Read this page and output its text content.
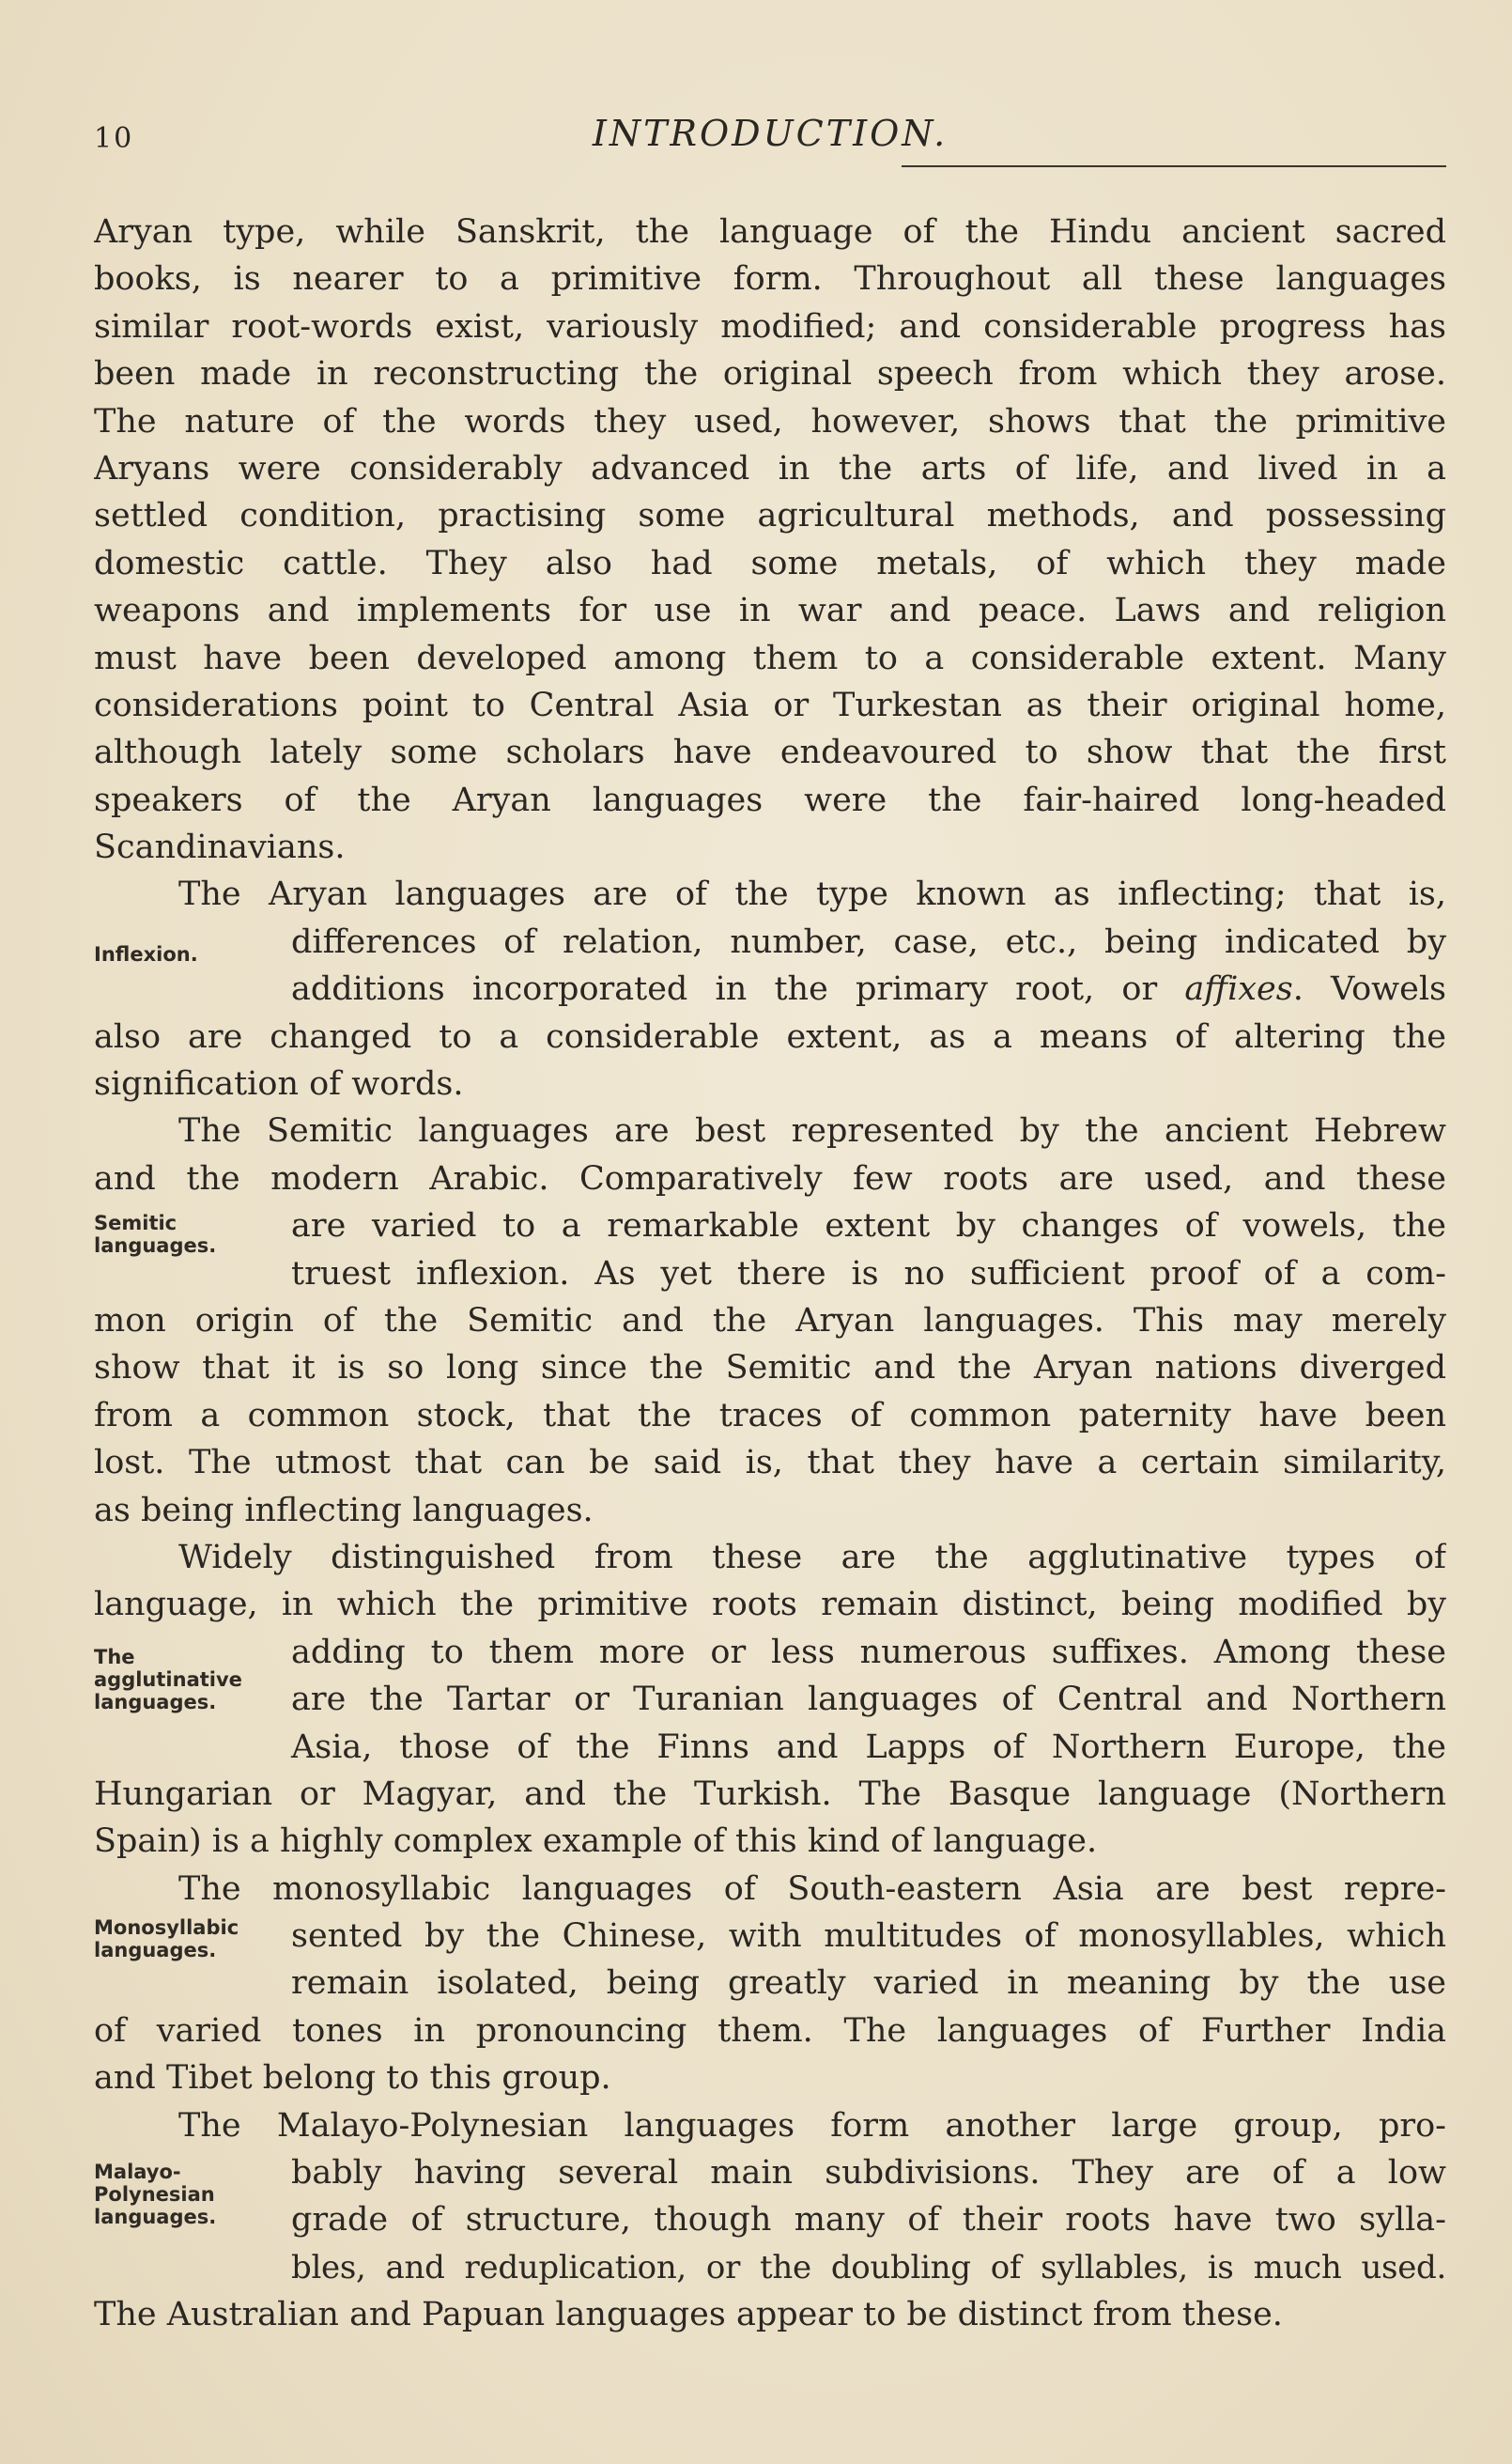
10	INTRODUCTION.
Aryan type, while Sanskrit, the language of the Hindu ancient sacred
books, is nearer to a primitive form. Throughout all these languages
similar root-words exist, variously modified; and considerable progress has
been made in reconstructing the original speech from which they arose.
The nature of the words they used, however, shows that the primitive
Aryans were considerably advanced in the arts of life, and lived in a
settled condition, practising some agricultural methods, and possessing
domestic cattle. They also had some metals, of which they made
weapons and implements for use in war and peace. Laws and religion
must have been developed among them to a considerable extent. Many
considerations point to Central Asia or Turkestan as their original home,
although lately some scholars have endeavoured to show that the first
speakers of the Aryan languages were the fair-haired long-headed
Scandinavians.
The Aryan languages are of the type known as inflecting; that is,
differences of relation, number, case, etc., being indicated by
additions incorporated in the primary root, or affixes. Vowels
also are changed to a considerable extent, as a means of altering the
signification of words.
The Semitic languages are best represented by the ancient Hebrew
and the modern Arabic. Comparatively few roots are used, and these
are varied to a remarkable extent by changes of vowels, the
truest inflexion. As yet there is no sufficient proof of a com-
mon origin of the Semitic and the Aryan languages. This may merely
show that it is so long since the Semitic and the Aryan nations diverged
from a common stock, that the traces of common paternity have been
lost. The utmost that can be said is, that they have a certain similarity,
as being inflecting languages.
Widely distinguished from these are the agglutinative types of
language, in which the primitive roots remain distinct, being modified by
adding to them more or less numerous suffixes. Among these
are the Tartar or Turanian languages of Central and Northern
Asia, those of the Finns and Lapps of Northern Europe, the
Hungarian or Magyar, and the Turkish. The Basque language (Northern
Spain) is a highly complex example of this kind of language.
The monosyllabic languages of South-eastern Asia are best repre-
sented by the Chinese, with multitudes of monosyllables, which
remain isolated, being greatly varied in meaning by the use
of varied tones in pronouncing them. The languages of Further India
and Tibet belong to this group.
The Malayo-Polynesian languages form another large group, pro-
bably having several main subdivisions. They are of a low
grade of structure, though many of their roots have two sylla-
bles, and reduplication, or the doubling of syllables, is much used.
The Australian and Papuan languages appear to be distinct from these.
Inflexion.
Semitic
languages.
The
agglutinative
languages.
Monosyllabic
languages.
Malayo-
Polynesian
languages.
